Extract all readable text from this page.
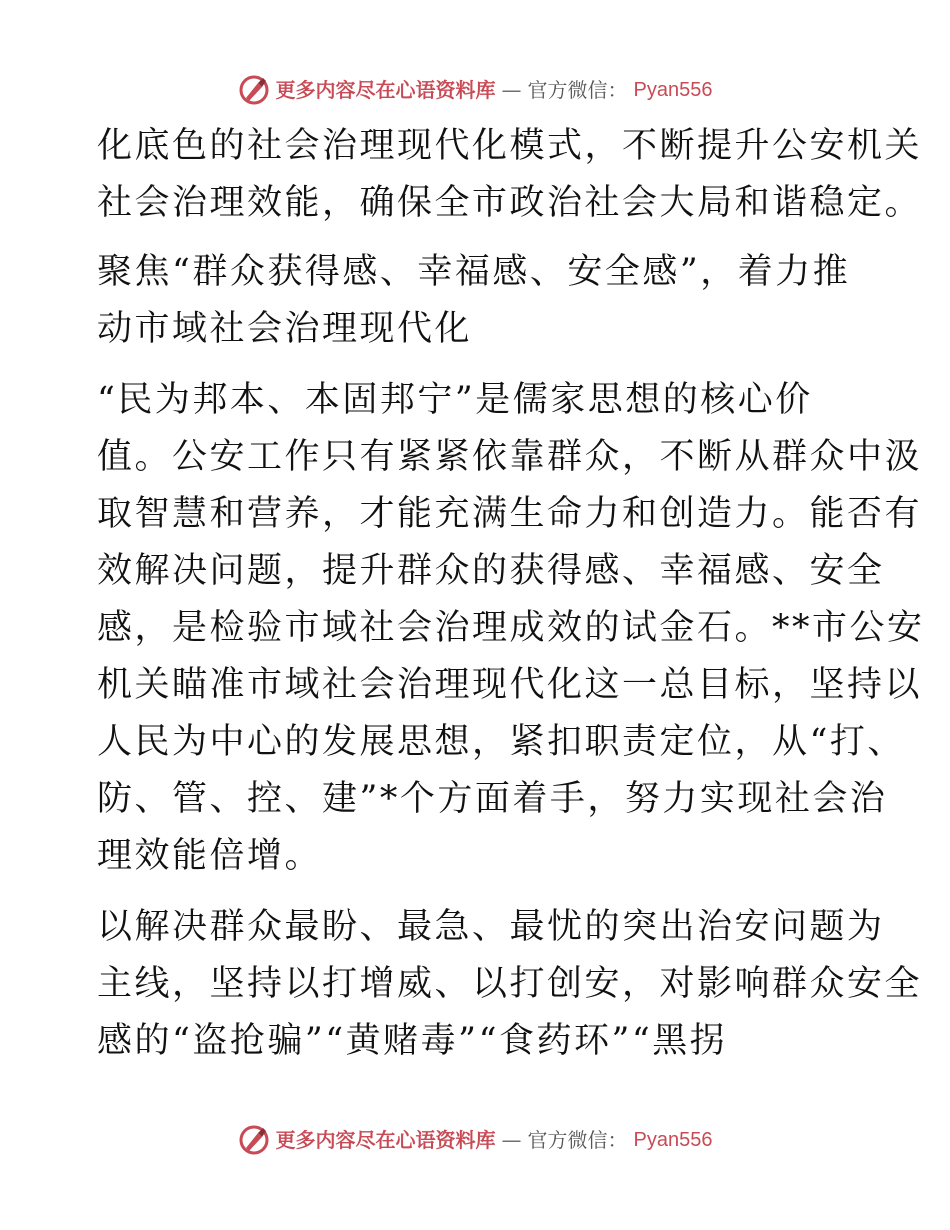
更多内容尽在心语资料库 — 官方微信： Pyan556

化底色的社会治理现代化模式，不断提升公安机关
社会治理效能，确保全市政治社会大局和谐稳定。

聚焦“群众获得感、幸福感、安全感”，着力推
动市域社会治理现代化

“民为邦本、本固邦宁”是儒家思想的核心价
值。公安工作只有紧紧依靠群众，不断从群众中汲
取智慧和营养，才能充满生命力和创造力。能否有
效解决问题，提升群众的获得感、幸福感、安全
感，是检验市域社会治理成效的试金石。**市公安
机关瞄准市域社会治理现代化这一总目标，坚持以
人民为中心的发展思想，紧扣职责定位，从“打、
防、管、控、建”*个方面着手，努力实现社会治
理效能倍增。

以解决群众最盼、最急、最忧的突出治安问题为
主线，坚持以打增威、以打创安，对影响群众安全
感的“盗抢骗”“黄赌毒”“食药环”“黑拐

更多内容尽在心语资料库 — 官方微信： Pyan556
